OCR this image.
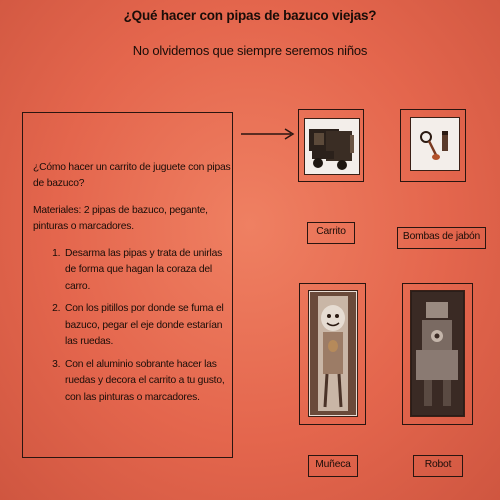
¿Qué hacer con pipas de bazuco viejas?
No olvidemos que siempre seremos niños

¿Cómo hacer un carrito de juguete con pipas de bazuco?

Materiales: 2 pipas de bazuco, pegante, pinturas o marcadores.

1. Desarma las pipas y trata de unirlas de forma que hagan la coraza del carro.
2. Con los pitillos por donde se fuma el bazuco, pegar el eje donde estarían las ruedas.
3. Con el aluminio sobrante hacer las ruedas y decora el carrito a tu gusto, con las pinturas o marcadores.
Carrito	Bombas de jabón
Muñeca	Robot
